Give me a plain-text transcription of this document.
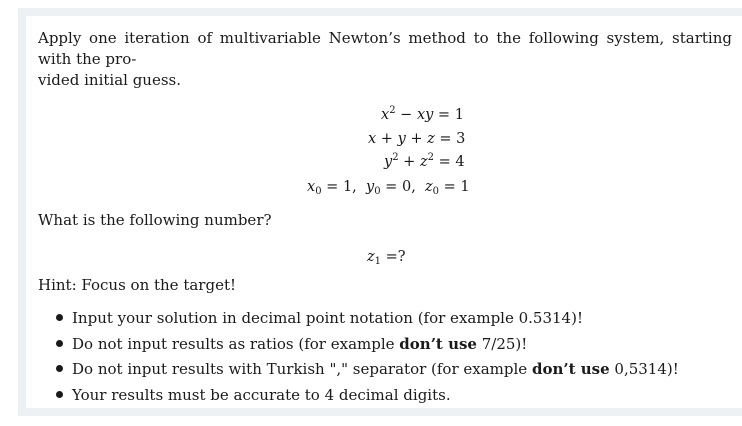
Apply one iteration of multivariable Newton’s method to the following system, starting with the pro-
vided initial guess.
$x^2$ − xy = 1
x + y + z = 3
$y^2 + z^2 = 4$
$x_0 = 1$,  $y_0 = 0$,  $z_0 = 1$
What is the following number?
$z_1$ =?
Hint: Focus on the target!
Input your solution in decimal point notation (for example 0.5314)!
Do not input results as ratios (for example don’t use 7/25)!
Do not input results with Turkish "," separator (for example don’t use 0,5314)!
Your results must be accurate to 4 decimal digits.
